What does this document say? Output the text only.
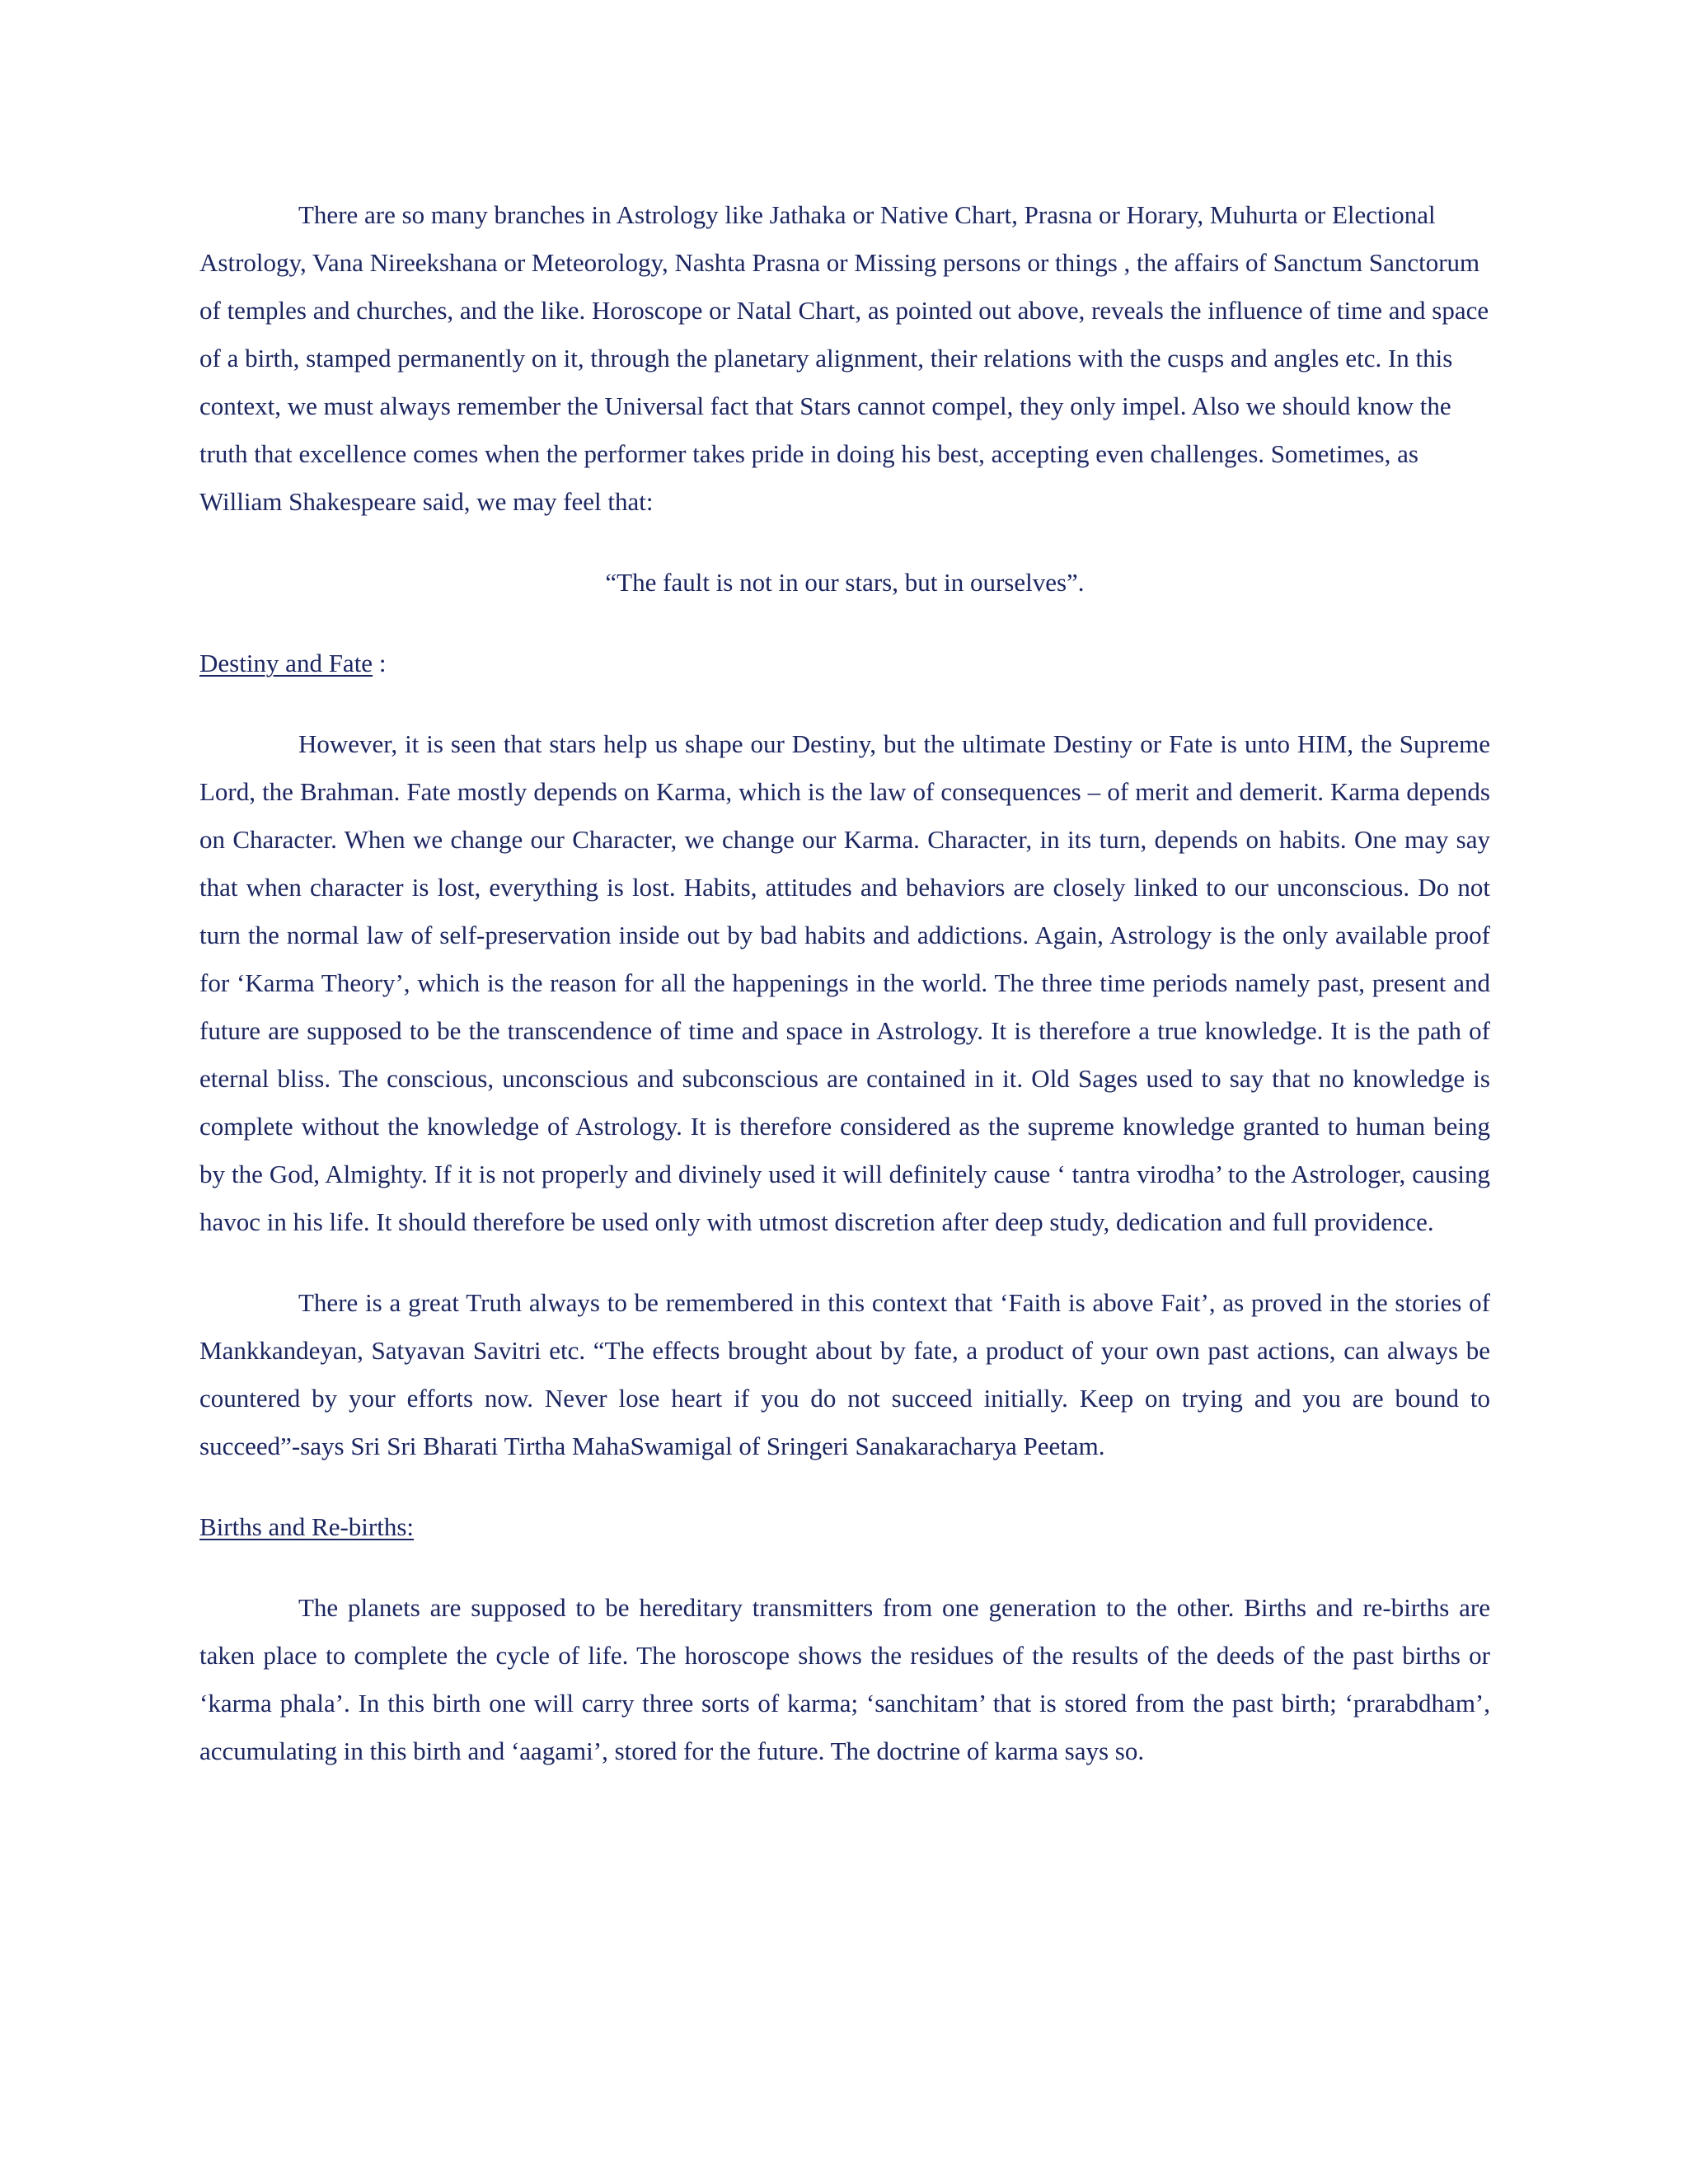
There are so many branches in Astrology like Jathaka or Native Chart, Prasna or Horary, Muhurta or Electional Astrology, Vana Nireekshana or Meteorology, Nashta Prasna or Missing persons or things , the affairs of Sanctum Sanctorum of temples and churches, and the like. Horoscope or Natal Chart, as pointed out above, reveals the influence of time and space of a birth, stamped permanently on it, through the planetary alignment, their relations with the cusps and angles etc. In this context, we must always remember the Universal fact that Stars cannot compel, they only impel. Also we should know the truth that excellence comes when the performer takes pride in doing his best, accepting even challenges. Sometimes, as William Shakespeare said, we may feel that:

“The fault is not in our stars, but in ourselves”.

Destiny and Fate :

However, it is seen that stars help us shape our Destiny, but the ultimate Destiny or Fate is unto HIM, the Supreme Lord, the Brahman. Fate mostly depends on Karma, which is the law of consequences – of merit and demerit. Karma depends on Character. When we change our Character, we change our Karma. Character, in its turn, depends on habits. One may say that when character is lost, everything is lost. Habits, attitudes and behaviors are closely linked to our unconscious. Do not turn the normal law of self-preservation inside out by bad habits and addictions. Again, Astrology is the only available proof for ‘Karma Theory’, which is the reason for all the happenings in the world. The three time periods namely past, present and future are supposed to be the transcendence of time and space in Astrology. It is therefore a true knowledge. It is the path of eternal bliss. The conscious, unconscious and subconscious are contained in it. Old Sages used to say that no knowledge is complete without the knowledge of Astrology. It is therefore considered as the supreme knowledge granted to human being by the God, Almighty. If it is not properly and divinely used it will definitely cause ‘ tantra virodha’ to the Astrologer, causing havoc in his life. It should therefore be used only with utmost discretion after deep study, dedication and full providence.

There is a great Truth always to be remembered in this context that ‘Faith is above Fait’, as proved in the stories of Mankkandeyan, Satyavan Savitri etc. “The effects brought about by fate, a product of your own past actions, can always be countered by your efforts now. Never lose heart if you do not succeed initially. Keep on trying and you are bound to succeed”-says Sri Sri Bharati Tirtha MahaSwamigal of Sringeri Sanakaracharya Peetam.

Births and Re-births:

The planets are supposed to be hereditary transmitters from one generation to the other. Births and re-births are taken place to complete the cycle of life. The horoscope shows the residues of the results of the deeds of the past births or ‘karma phala’. In this birth one will carry three sorts of karma; ‘sanchitam’ that is stored from the past birth; ‘prarabdham’, accumulating in this birth and ‘aagami’, stored for the future. The doctrine of karma says so.
